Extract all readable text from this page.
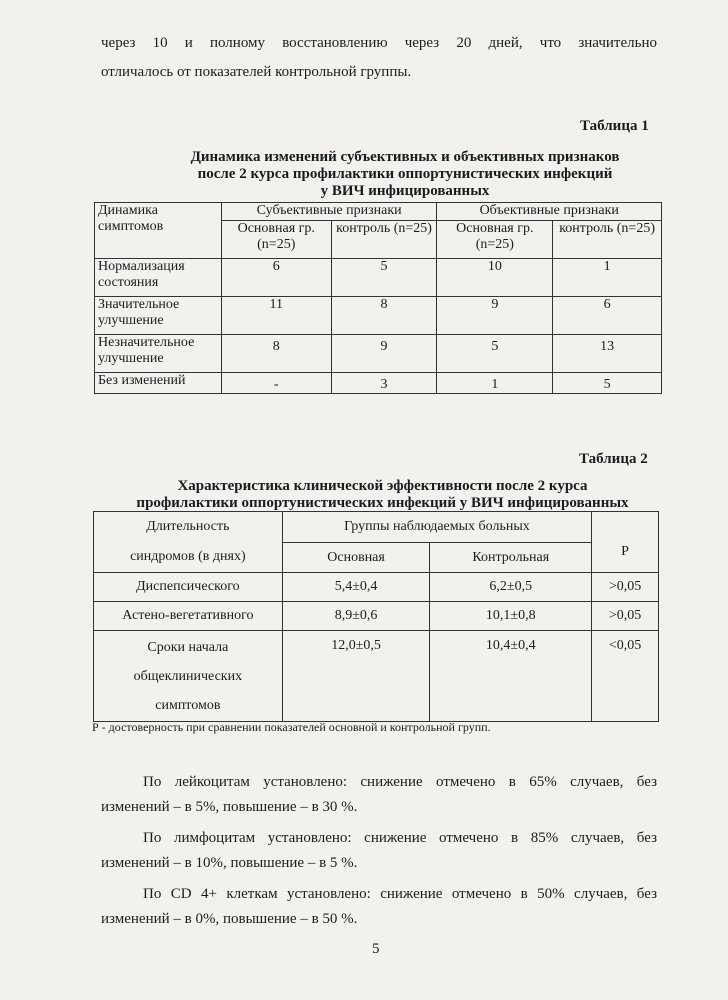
через 10 и полному восстановлению через 20 дней, что значительно
отличалось от показателей контрольной группы.
Таблица 1
Динамика изменений субъективных и объективных признаков
после 2 курса профилактики оппортунистических инфекций
у ВИЧ инфицированных
Динамика симптомов	Субъективные признаки		Объективные признаки	
	Основная гр. (n=25)	контроль (n=25)	Основная гр. (n=25)	контроль (n=25)
Нормализация состояния	6	5	10	1
Значительное улучшение	11	8	9	6
Незначительное улучшение	8	9	5	13
Без изменений	-	3	1	5
Таблица 2
Характеристика клинической эффективности после 2 курса
профилактики оппортунистических инфекций у ВИЧ инфицированных
Длительность
синдромов (в днях)	Группы наблюдаемых больных		Р
	Основная	Контрольная	
Диспепсического	5,4±0,4	6,2±0,5	>0,05
Астено-вегетативного	8,9±0,6	10,1±0,8	>0,05

Сроки начала
общеклинических
симптомов	12,0±0,5	10,4±0,4	<0,05
Р - достоверность при сравнении показателей основной и контрольной групп.
По лейкоцитам установлено: снижение отмечено в 65% случаев, без
изменений – в 5%, повышение – в 30 %.
По лимфоцитам установлено: снижение отмечено в 85% случаев, без
изменений – в 10%, повышение – в 5 %.
По CD 4+ клеткам установлено: снижение отмечено в 50% случаев, без
изменений – в 0%, повышение – в 50 %.
5
